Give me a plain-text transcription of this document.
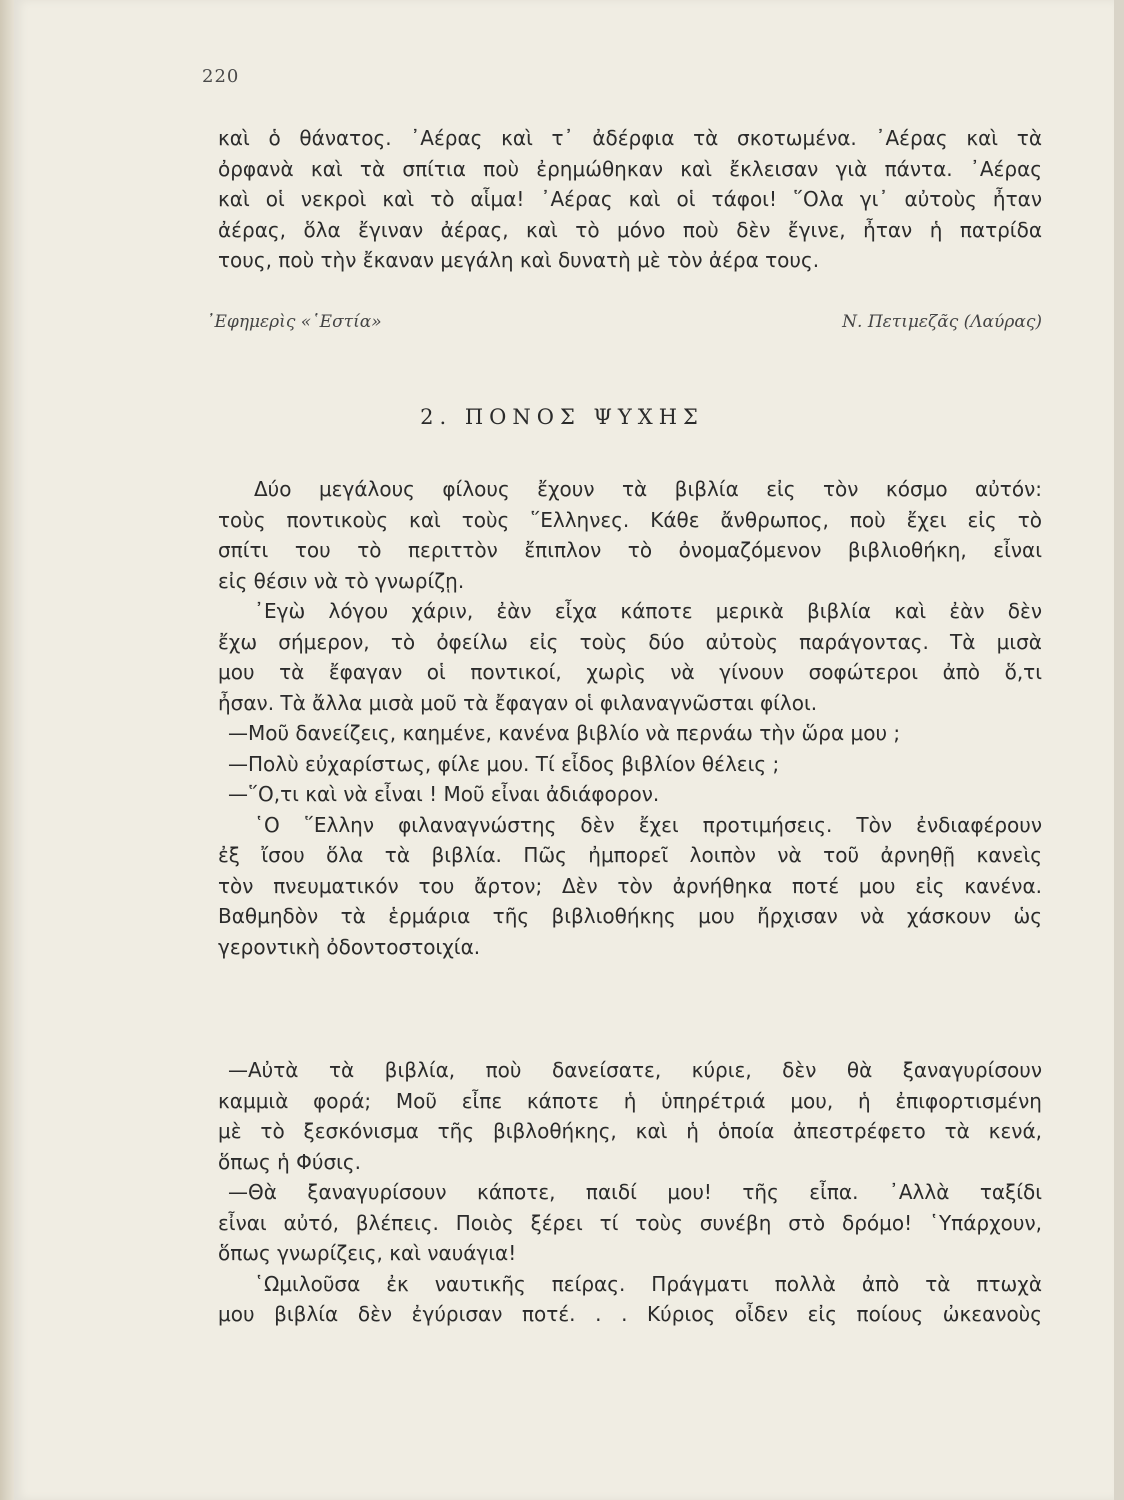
220
καὶ ὁ θάνατος. ᾿Αέρας καὶ τ᾿ ἀδέρφια τὰ σκοτωμένα. ᾿Αέρας καὶ τὰ
ὀρφανὰ καὶ τὰ σπίτια ποὺ ἐρημώθηκαν καὶ ἔκλεισαν γιὰ πάντα. ᾿Αέρας
καὶ οἱ νεκροὶ καὶ τὸ αἷμα! ᾿Αέρας καὶ οἱ τάφοι! ῞Ολα γι᾿ αὐτοὺς ἦταν
ἀέρας, ὅλα ἔγιναν ἀέρας, καὶ τὸ μόνο ποὺ δὲν ἔγινε, ἦταν ἡ πατρίδα
τους, ποὺ τὴν ἔκαναν μεγάλη καὶ δυνατὴ μὲ τὸν ἀέρα τους.
᾿Εφημερὶς «῾Εστία»	Ν. Πετιμεζᾶς (Λαύρας)
2. ΠΟΝΟΣ ΨΥΧΗΣ
Δύο μεγάλους φίλους ἔχουν τὰ βιβλία εἰς τὸν κόσμο αὐτόν:
τοὺς ποντικοὺς καὶ τοὺς ῞Ελληνες. Κάθε ἄνθρωπος, ποὺ ἔχει εἰς τὸ
σπίτι του τὸ περιττὸν ἔπιπλον τὸ ὀνομαζόμενον βιβλιοθήκη, εἶναι
εἰς θέσιν νὰ τὸ γνωρίζῃ.
᾿Εγὼ λόγου χάριν, ἐὰν εἶχα κάποτε μερικὰ βιβλία καὶ ἐὰν δὲν
ἔχω σήμερον, τὸ ὀφείλω εἰς τοὺς δύο αὐτοὺς παράγοντας. Τὰ μισὰ
μου τὰ ἔφαγαν οἱ ποντικοί, χωρὶς νὰ γίνουν σοφώτεροι ἀπὸ ὅ,τι
ἦσαν. Τὰ ἄλλα μισὰ μοῦ τὰ ἔφαγαν οἱ φιλαναγνῶσται φίλοι.
—Μοῦ δανείζεις, καημένε, κανένα βιβλίο νὰ περνάω τὴν ὥρα μου ;
—Πολὺ εὐχαρίστως, φίλε μου. Τί εἶδος βιβλίον θέλεις ;
—῞Ο,τι καὶ νὰ εἶναι ! Μοῦ εἶναι ἀδιάφορον.
῾Ο ῞Ελλην φιλαναγνώστης δὲν ἔχει προτιμήσεις. Τὸν ἐνδιαφέρουν
ἐξ ἴσου ὅλα τὰ βιβλία. Πῶς ἠμπορεῖ λοιπὸν νὰ τοῦ ἀρνηθῇ κανεὶς
τὸν πνευματικόν του ἄρτον; Δὲν τὸν ἀρνήθηκα ποτέ μου εἰς κανένα.
Βαθμηδὸν τὰ ἑρμάρια τῆς βιβλιοθήκης μου ἤρχισαν νὰ χάσκουν ὡς
γεροντικὴ ὀδοντοστοιχία.
—Αὐτὰ τὰ βιβλία, ποὺ δανείσατε, κύριε, δὲν θὰ ξαναγυρίσουν
καμμιὰ φορά; Μοῦ εἶπε κάποτε ἡ ὑπηρέτριά μου, ἡ ἐπιφορτισμένη
μὲ τὸ ξεσκόνισμα τῆς βιβλοθήκης, καὶ ἡ ὁποία ἀπεστρέφετο τὰ κενά,
ὅπως ἡ Φύσις.
—Θὰ ξαναγυρίσουν κάποτε, παιδί μου! τῆς εἶπα. ᾿Αλλὰ ταξίδι
εἶναι αὐτό, βλέπεις. Ποιὸς ξέρει τί τοὺς συνέβη στὸ δρόμο! ῾Υπάρχουν,
ὅπως γνωρίζεις, καὶ ναυάγια!
῾Ωμιλοῦσα ἐκ ναυτικῆς πείρας. Πράγματι πολλὰ ἀπὸ τὰ πτωχὰ
μου βιβλία δὲν ἐγύρισαν ποτέ. . . Κύριος οἶδεν εἰς ποίους ὠκεανοὺς
